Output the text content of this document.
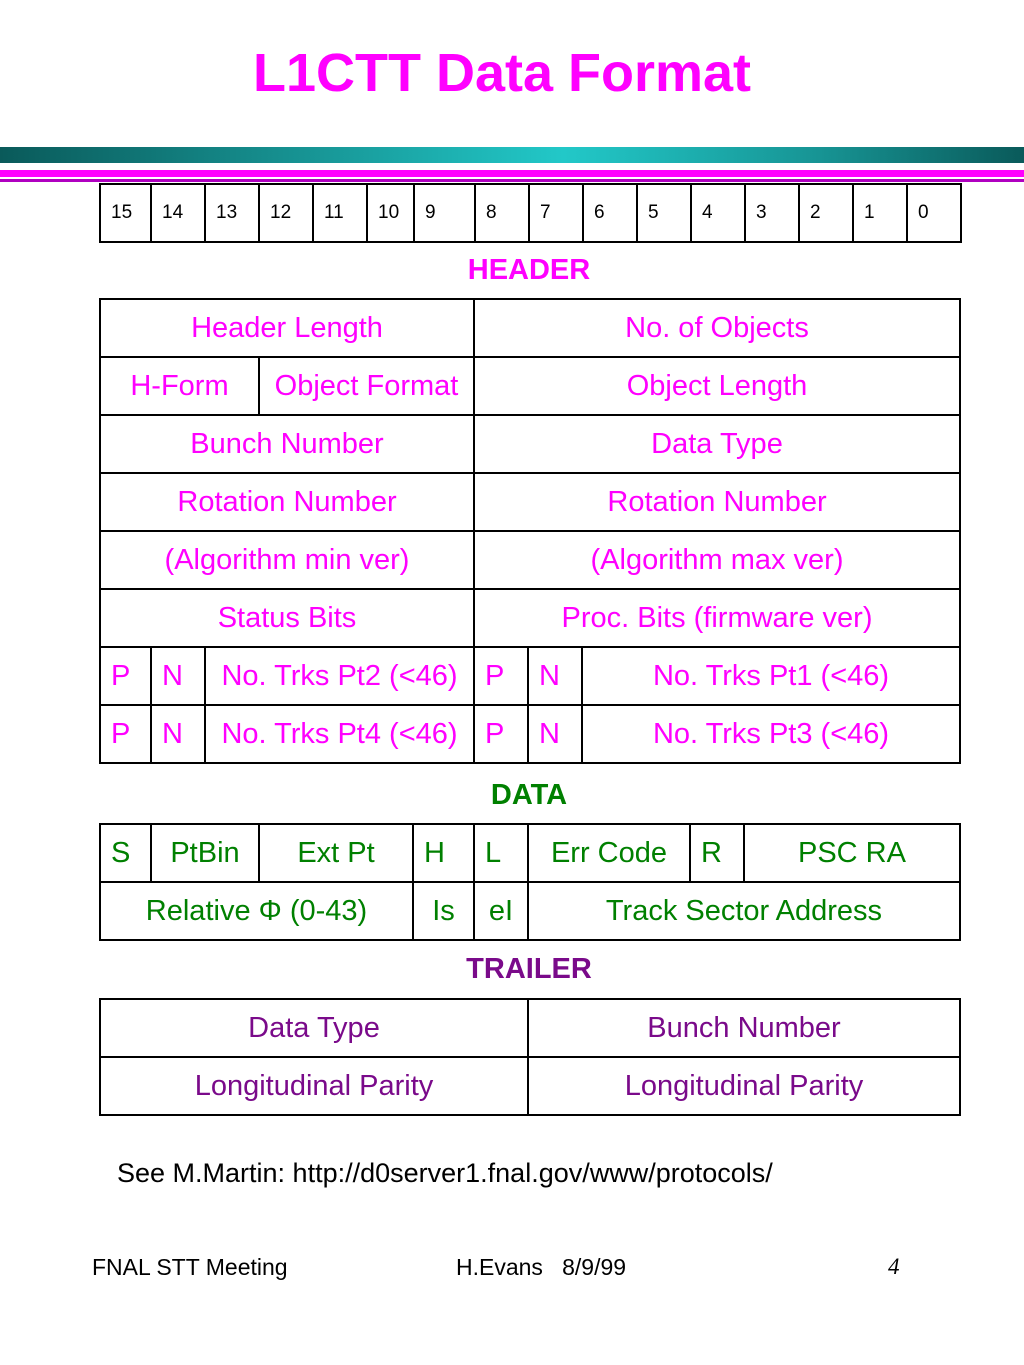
L1CTT Data Format
15	14	13	12	11	10	9	8	7	6	5	4	3	2	1	0
HEADER
Header Length				No. of Objects		
H-Form			Object Format	Object Length		
Bunch Number				Data Type		
Rotation Number				Rotation Number		
(Algorithm min ver)				(Algorithm max ver)		
Status Bits				Proc. Bits (firmware ver)		
P	N	No. Trks Pt2 (<46)		P	N	No. Trks Pt1 (<46)
P	N	No. Trks Pt4 (<46)		P	N	No. Trks Pt3 (<46)
DATA
S	PtBin	Ext Pt	H	L	Err Code	R	PSC RA
Relative Φ (0-43)			Is	eI	Track Sector Address		
TRAILER
Data Type	Bunch Number
Longitudinal Parity	Longitudinal Parity
See M.Martin: http://d0server1.fnal.gov/www/protocols/
FNAL STT Meeting	H.Evans   8/9/99	4
